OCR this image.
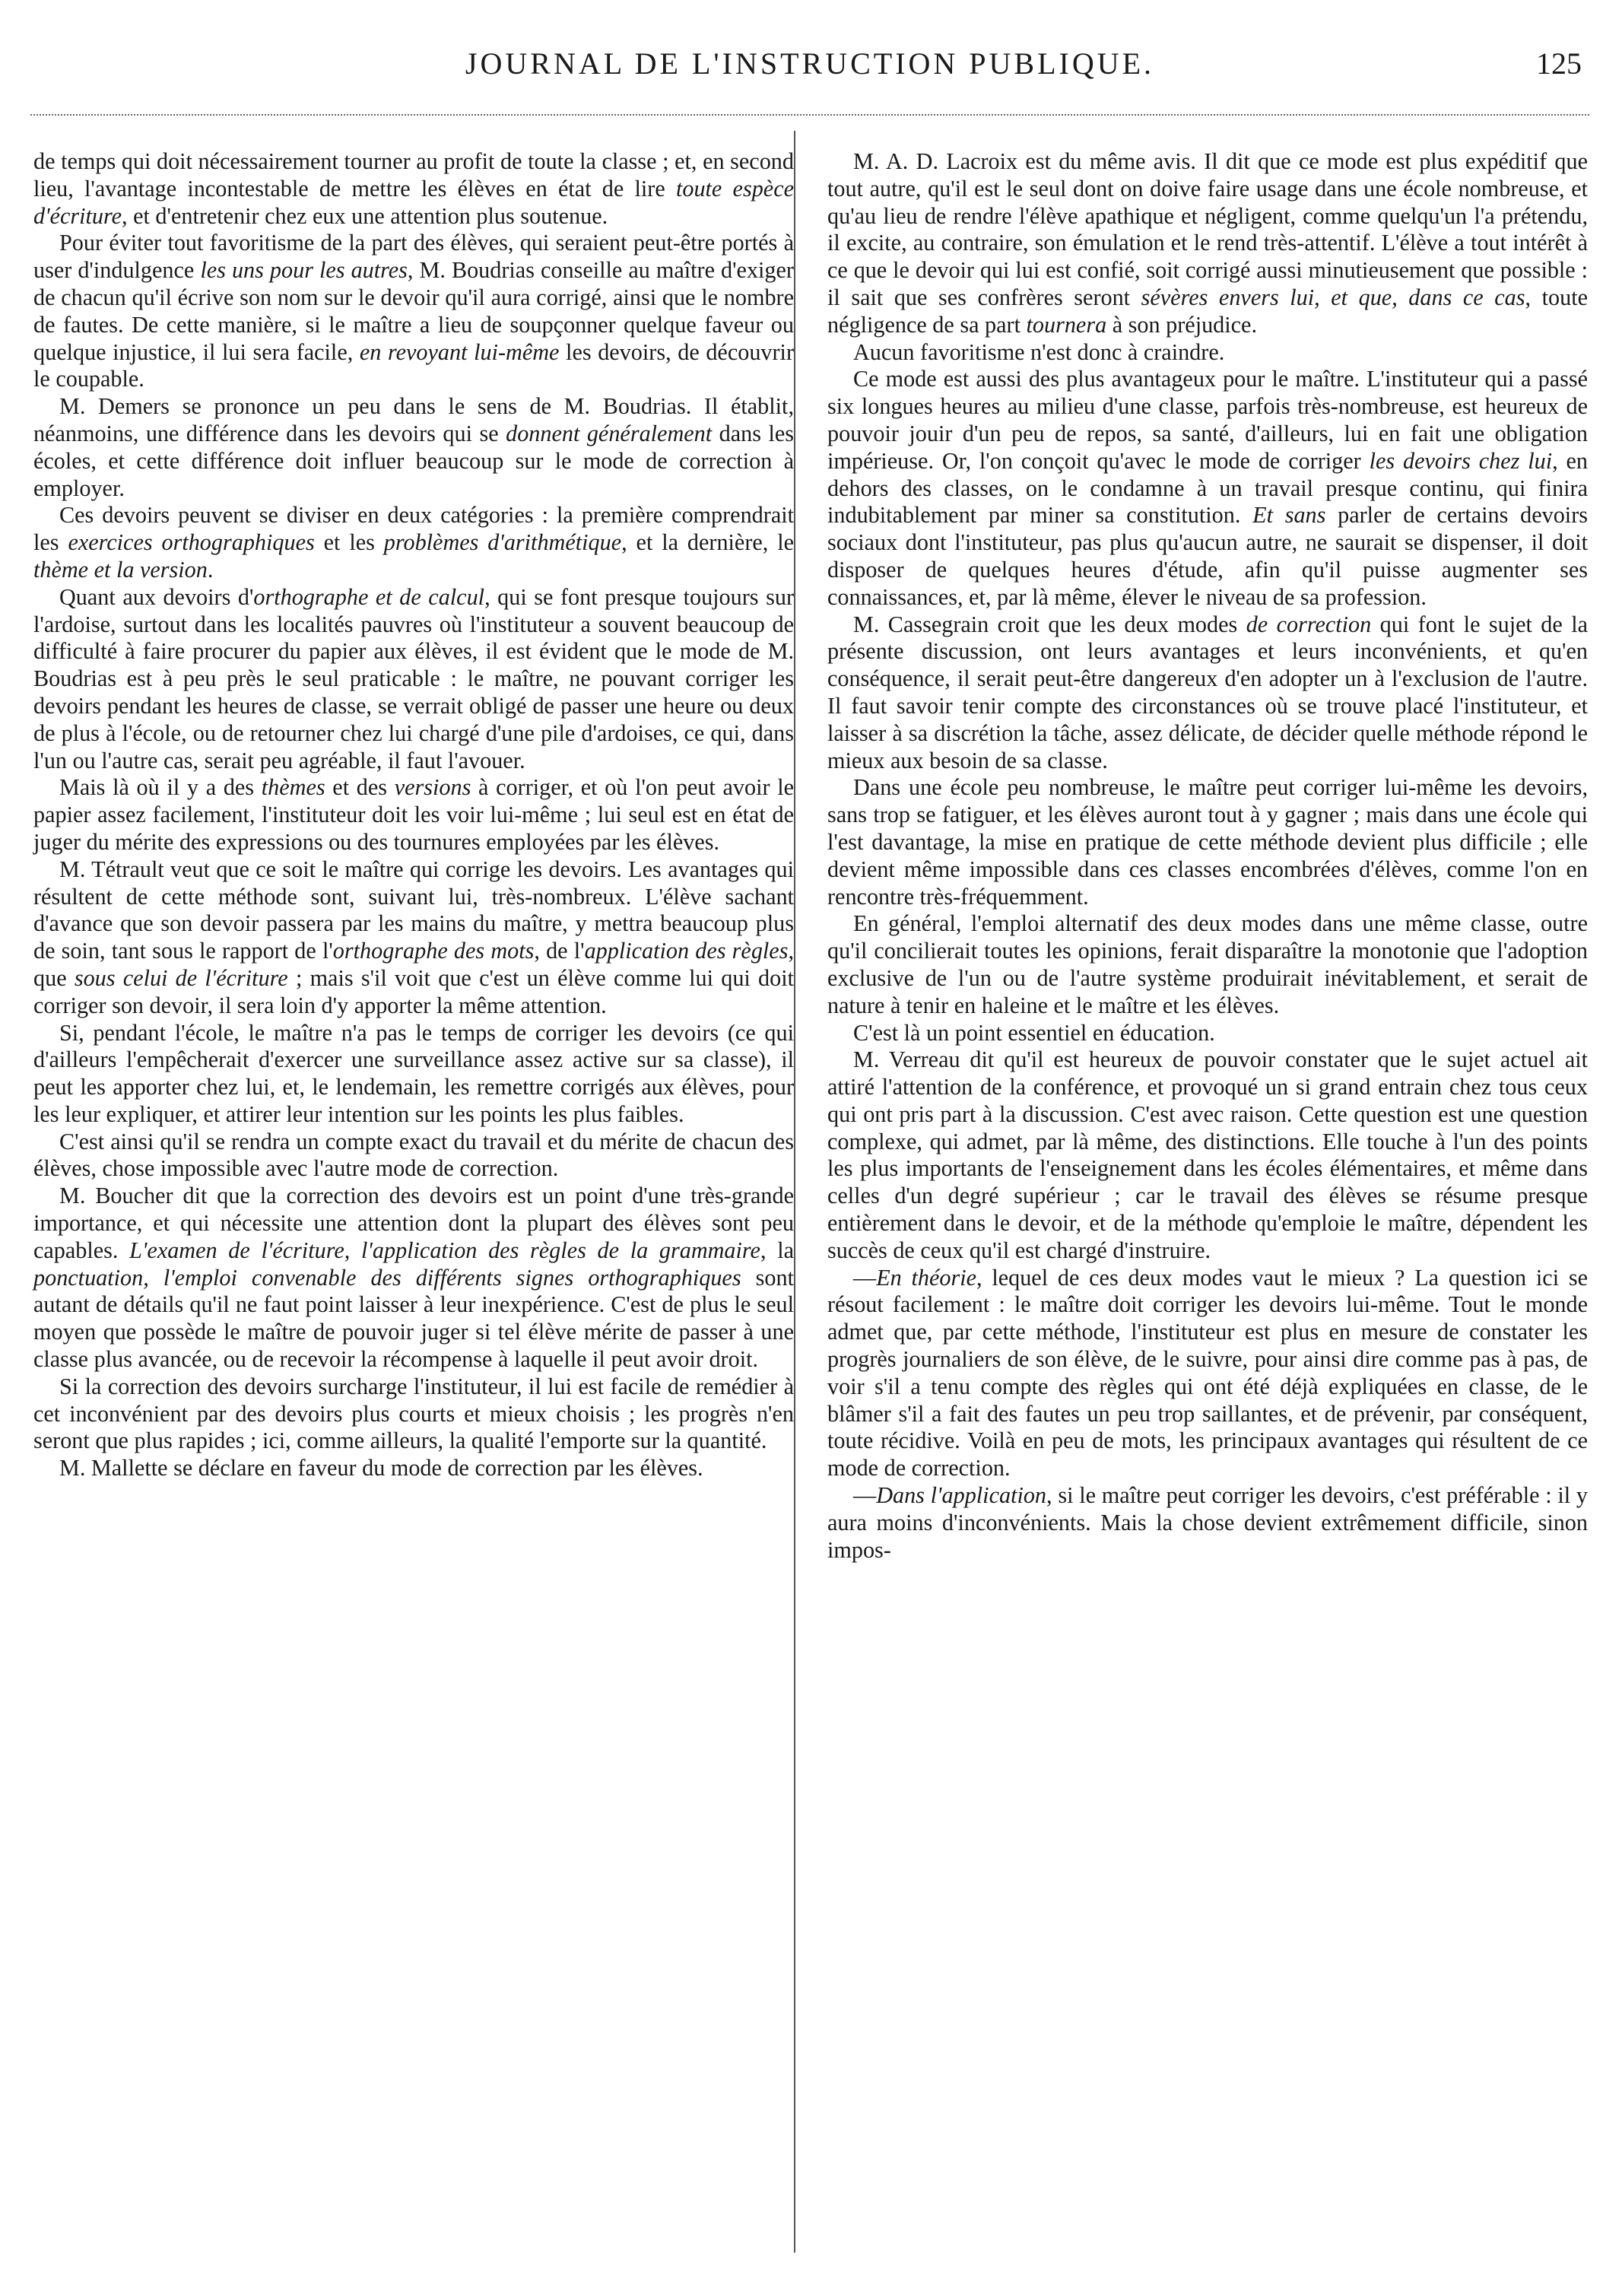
JOURNAL DE L'INSTRUCTION PUBLIQUE.	125

de temps qui doit nécessairement tourner au profit de toute la classe ; et, en second lieu, l'avantage incontestable de mettre les élèves en état de lire toute espèce d'écriture, et d'entretenir chez eux une attention plus soutenue.

Pour éviter tout favoritisme de la part des élèves, qui seraient peut-être portés à user d'indulgence les uns pour les autres, M. Boudrias conseille au maître d'exiger de chacun qu'il écrive son nom sur le devoir qu'il aura corrigé, ainsi que le nombre de fautes. De cette manière, si le maître a lieu de soupçonner quelque faveur ou quelque injustice, il lui sera facile, en revoyant lui-même les devoirs, de découvrir le coupable.

M. Demers se prononce un peu dans le sens de M. Boudrias. Il établit, néanmoins, une différence dans les devoirs qui se donnent généralement dans les écoles, et cette différence doit influer beaucoup sur le mode de correction à employer.

Ces devoirs peuvent se diviser en deux catégories : la première comprendrait les exercices orthographiques et les problèmes d'arithmétique, et la dernière, le thème et la version.

Quant aux devoirs d'orthographe et de calcul, qui se font presque toujours sur l'ardoise, surtout dans les localités pauvres où l'instituteur a souvent beaucoup de difficulté à faire procurer du papier aux élèves, il est évident que le mode de M. Boudrias est à peu près le seul praticable : le maître, ne pouvant corriger les devoirs pendant les heures de classe, se verrait obligé de passer une heure ou deux de plus à l'école, ou de retourner chez lui chargé d'une pile d'ardoises, ce qui, dans l'un ou l'autre cas, serait peu agréable, il faut l'avouer.

Mais là où il y a des thèmes et des versions à corriger, et où l'on peut avoir le papier assez facilement, l'instituteur doit les voir lui-même ; lui seul est en état de juger du mérite des expressions ou des tournures employées par les élèves.

M. Tétrault veut que ce soit le maître qui corrige les devoirs. Les avantages qui résultent de cette méthode sont, suivant lui, très-nombreux. L'élève sachant d'avance que son devoir passera par les mains du maître, y mettra beaucoup plus de soin, tant sous le rapport de l'orthographe des mots, de l'application des règles, que sous celui de l'écriture ; mais s'il voit que c'est un élève comme lui qui doit corriger son devoir, il sera loin d'y apporter la même attention.

Si, pendant l'école, le maître n'a pas le temps de corriger les devoirs (ce qui d'ailleurs l'empêcherait d'exercer une surveillance assez active sur sa classe), il peut les apporter chez lui, et, le lendemain, les remettre corrigés aux élèves, pour les leur expliquer, et attirer leur intention sur les points les plus faibles.

C'est ainsi qu'il se rendra un compte exact du travail et du mérite de chacun des élèves, chose impossible avec l'autre mode de correction.

M. Boucher dit que la correction des devoirs est un point d'une très-grande importance, et qui nécessite une attention dont la plupart des élèves sont peu capables. L'examen de l'écriture, l'application des règles de la grammaire, la ponctuation, l'emploi convenable des différents signes orthographiques sont autant de détails qu'il ne faut point laisser à leur inexpérience. C'est de plus le seul moyen que possède le maître de pouvoir juger si tel élève mérite de passer à une classe plus avancée, ou de recevoir la récompense à laquelle il peut avoir droit.

Si la correction des devoirs surcharge l'instituteur, il lui est facile de remédier à cet inconvénient par des devoirs plus courts et mieux choisis ; les progrès n'en seront que plus rapides ; ici, comme ailleurs, la qualité l'emporte sur la quantité.

M. Mallette se déclare en faveur du mode de correction par les élèves.

M. A. D. Lacroix est du même avis. Il dit que ce mode est plus expéditif que tout autre, qu'il est le seul dont on doive faire usage dans une école nombreuse, et qu'au lieu de rendre l'élève apathique et négligent, comme quelqu'un l'a prétendu, il excite, au contraire, son émulation et le rend très-attentif. L'élève a tout intérêt à ce que le devoir qui lui est confié, soit corrigé aussi minutieusement que possible : il sait que ses confrères seront sévères envers lui, et que, dans ce cas, toute négligence de sa part tournera à son préjudice.

Aucun favoritisme n'est donc à craindre.

Ce mode est aussi des plus avantageux pour le maître. L'instituteur qui a passé six longues heures au milieu d'une classe, parfois très-nombreuse, est heureux de pouvoir jouir d'un peu de repos, sa santé, d'ailleurs, lui en fait une obligation impérieuse. Or, l'on conçoit qu'avec le mode de corriger les devoirs chez lui, en dehors des classes, on le condamne à un travail presque continu, qui finira indubitablement par miner sa constitution. Et sans parler de certains devoirs sociaux dont l'instituteur, pas plus qu'aucun autre, ne saurait se dispenser, il doit disposer de quelques heures d'étude, afin qu'il puisse augmenter ses connaissances, et, par là même, élever le niveau de sa profession.

M. Cassegrain croit que les deux modes de correction qui font le sujet de la présente discussion, ont leurs avantages et leurs inconvénients, et qu'en conséquence, il serait peut-être dangereux d'en adopter un à l'exclusion de l'autre. Il faut savoir tenir compte des circonstances où se trouve placé l'instituteur, et laisser à sa discrétion la tâche, assez délicate, de décider quelle méthode répond le mieux aux besoin de sa classe.

Dans une école peu nombreuse, le maître peut corriger lui-même les devoirs, sans trop se fatiguer, et les élèves auront tout à y gagner ; mais dans une école qui l'est davantage, la mise en pratique de cette méthode devient plus difficile ; elle devient même impossible dans ces classes encombrées d'élèves, comme l'on en rencontre très-fréquemment.

En général, l'emploi alternatif des deux modes dans une même classe, outre qu'il concilierait toutes les opinions, ferait disparaître la monotonie que l'adoption exclusive de l'un ou de l'autre système produirait inévitablement, et serait de nature à tenir en haleine et le maître et les élèves.

C'est là un point essentiel en éducation.

M. Verreau dit qu'il est heureux de pouvoir constater que le sujet actuel ait attiré l'attention de la conférence, et provoqué un si grand entrain chez tous ceux qui ont pris part à la discussion. C'est avec raison. Cette question est une question complexe, qui admet, par là même, des distinctions. Elle touche à l'un des points les plus importants de l'enseignement dans les écoles élémentaires, et même dans celles d'un degré supérieur ; car le travail des élèves se résume presque entièrement dans le devoir, et de la méthode qu'emploie le maître, dépendent les succès de ceux qu'il est chargé d'instruire.

—En théorie, lequel de ces deux modes vaut le mieux ? La question ici se résout facilement : le maître doit corriger les devoirs lui-même. Tout le monde admet que, par cette méthode, l'instituteur est plus en mesure de constater les progrès journaliers de son élève, de le suivre, pour ainsi dire comme pas à pas, de voir s'il a tenu compte des règles qui ont été déjà expliquées en classe, de le blâmer s'il a fait des fautes un peu trop saillantes, et de prévenir, par conséquent, toute récidive. Voilà en peu de mots, les principaux avantages qui résultent de ce mode de correction.

—Dans l'application, si le maître peut corriger les devoirs, c'est préférable : il y aura moins d'inconvénients. Mais la chose devient extrêmement difficile, sinon impos-
